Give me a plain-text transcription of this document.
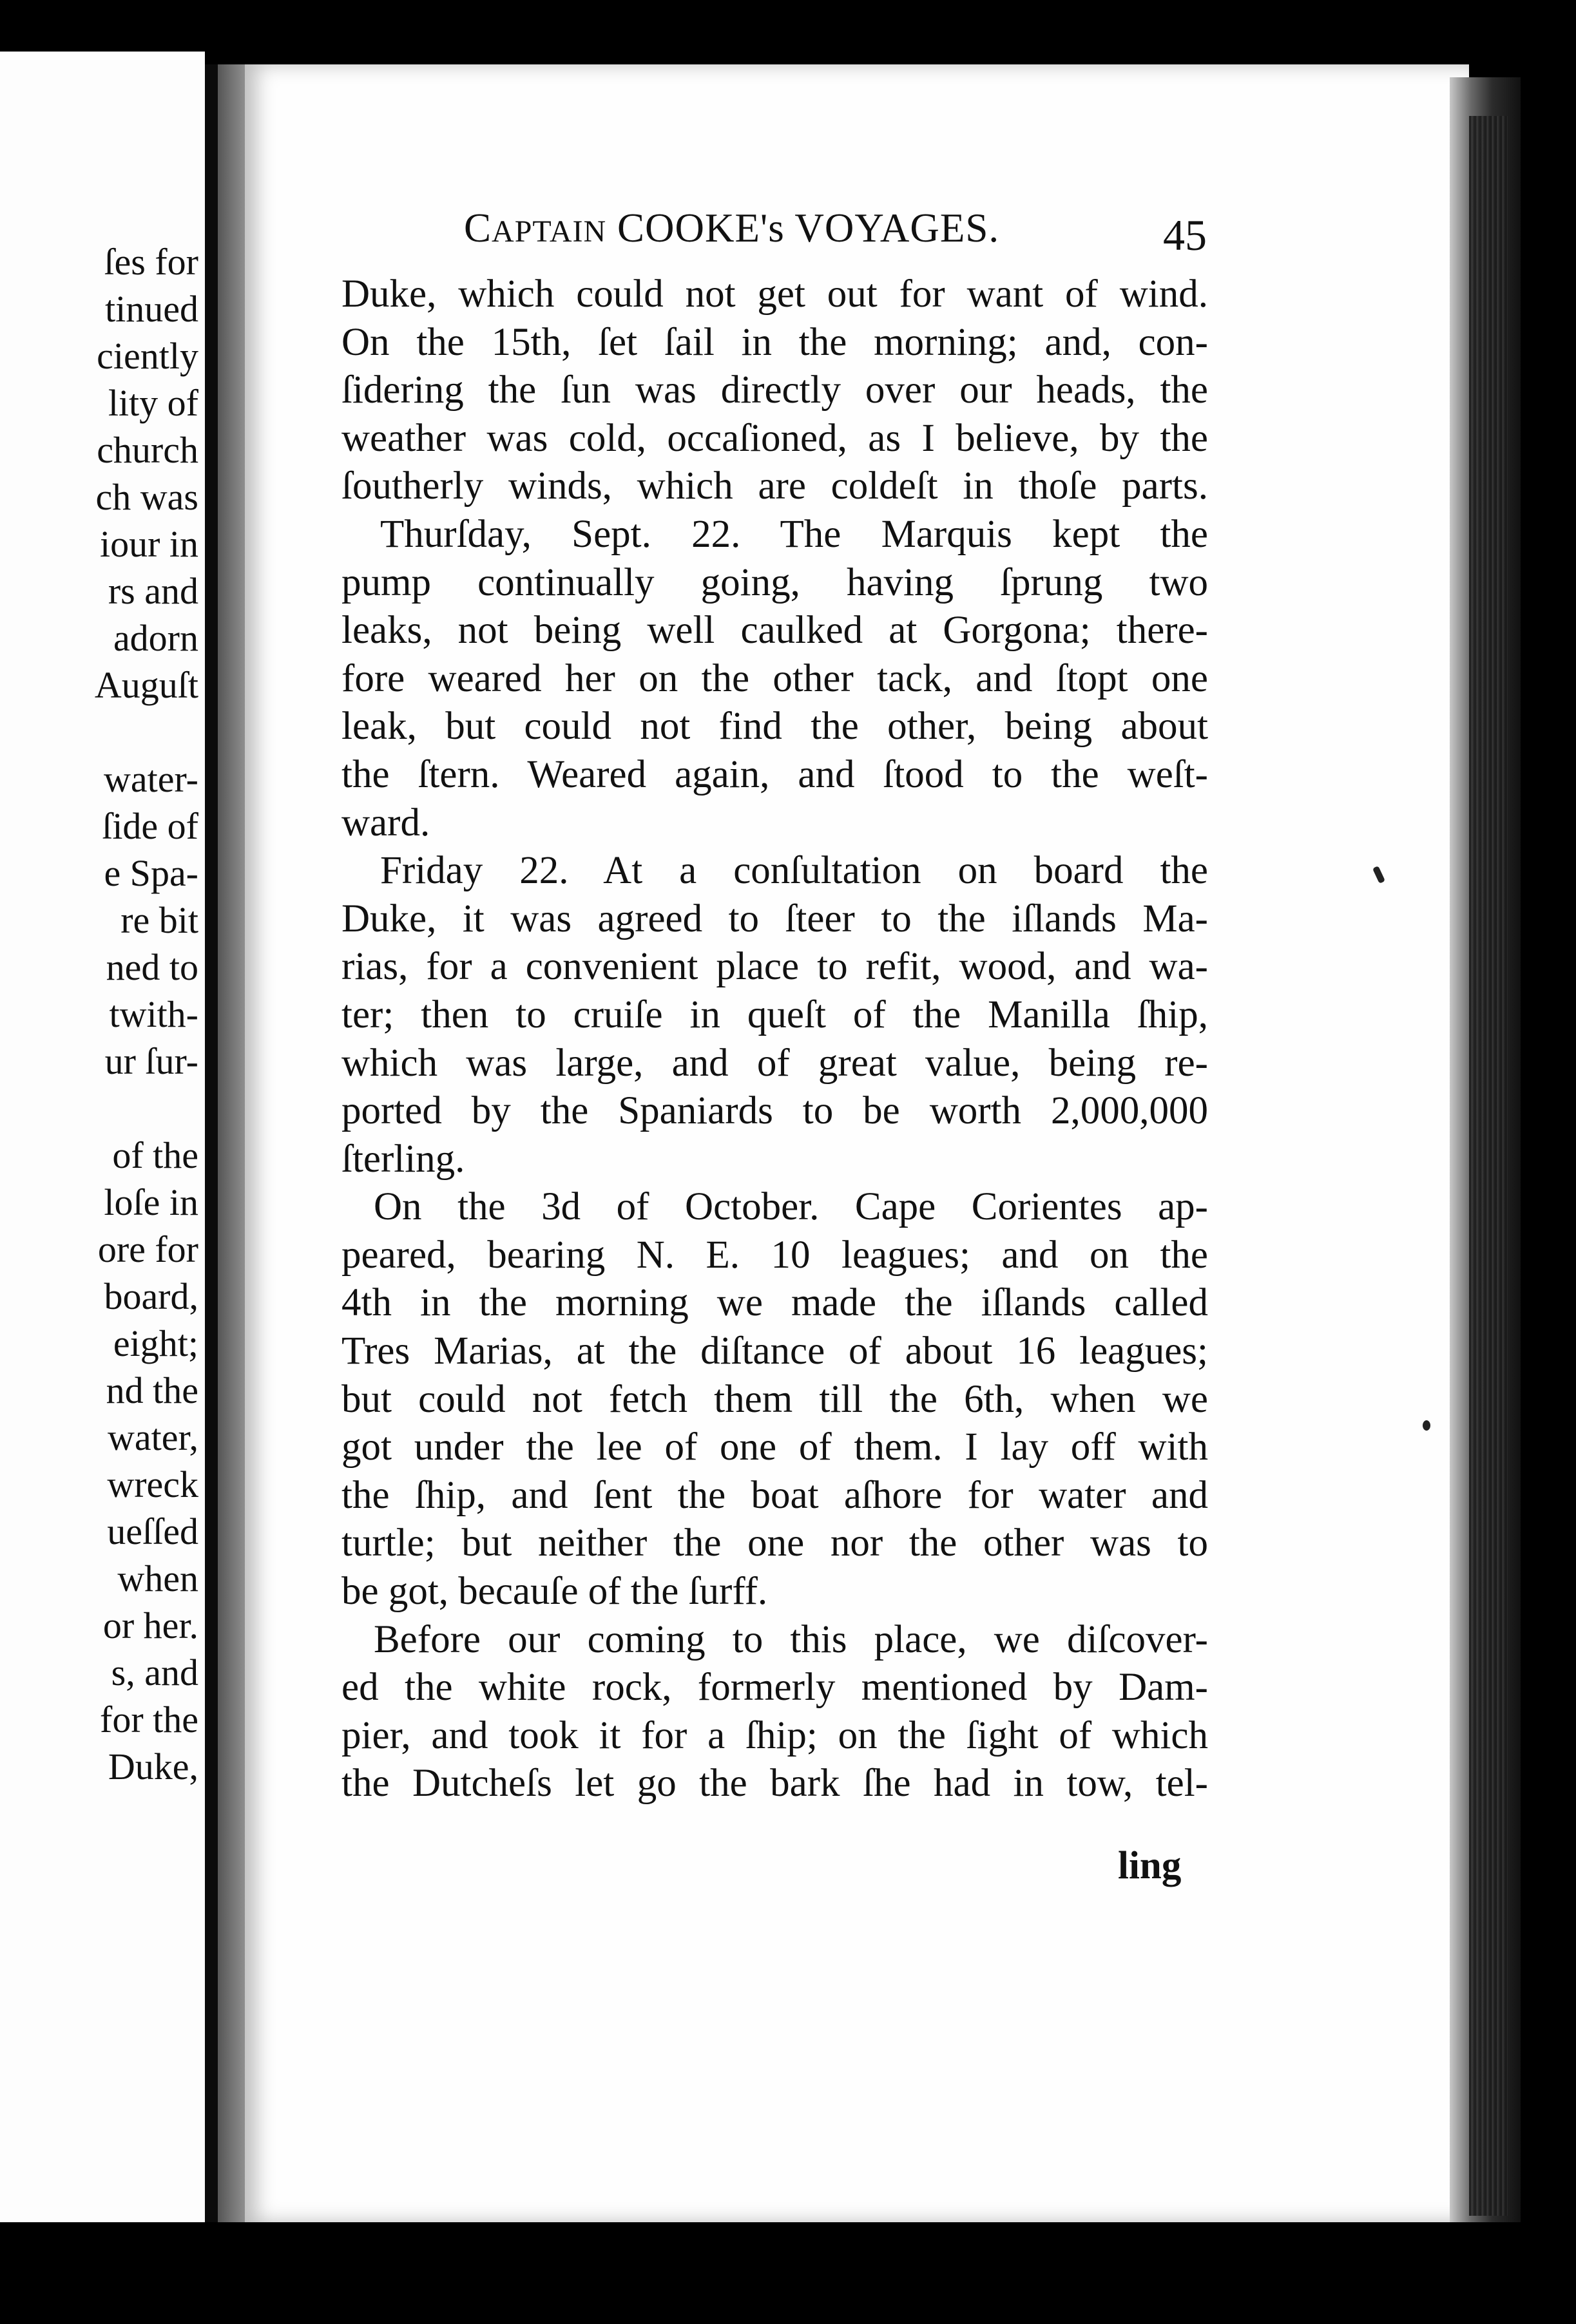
ſes for
tinued
ciently
lity of
church
ch was
iour in
rs and
adorn
Auguſt
water-
ſide of
e Spa-
re bit
ned to
twith-
ur ſur-
of the
loſe in
ore for
board,
eight;
nd the
water,
wreck
ueſſed
when
or her.
s, and
for the
Duke,
CAPTAIN COOKE's VOYAGES.	45
Duke, which could not get out for want of wind.
On the 15th, ſet ſail in the morning; and, con-
ſidering the ſun was directly over our heads, the
weather was cold, occaſioned, as I believe, by the
ſoutherly winds, which are coldeſt in thoſe parts.
Thurſday, Sept. 22. The Marquis kept the
pump continually going, having ſprung two
leaks, not being well caulked at Gorgona; there-
fore weared her on the other tack, and ſtopt one
leak, but could not find the other, being about
the ſtern. Weared again, and ſtood to the weſt-
ward.
Friday 22. At a conſultation on board the
Duke, it was agreed to ſteer to the iſlands Ma-
rias, for a convenient place to refit, wood, and wa-
ter; then to cruiſe in queſt of the Manilla ſhip,
which was large, and of great value, being re-
ported by the Spaniards to be worth 2,000,000
ſterling.
On the 3d of October. Cape Corientes ap-
peared, bearing N. E. 10 leagues; and on the
4th in the morning we made the iſlands called
Tres Marias, at the diſtance of about 16 leagues;
but could not fetch them till the 6th, when we
got under the lee of one of them. I lay off with
the ſhip, and ſent the boat aſhore for water and
turtle; but neither the one nor the other was to
be got, becauſe of the ſurff.
Before our coming to this place, we diſcover-
ed the white rock, formerly mentioned by Dam-
pier, and took it for a ſhip; on the ſight of which
the Dutcheſs let go the bark ſhe had in tow, tel-
ling
